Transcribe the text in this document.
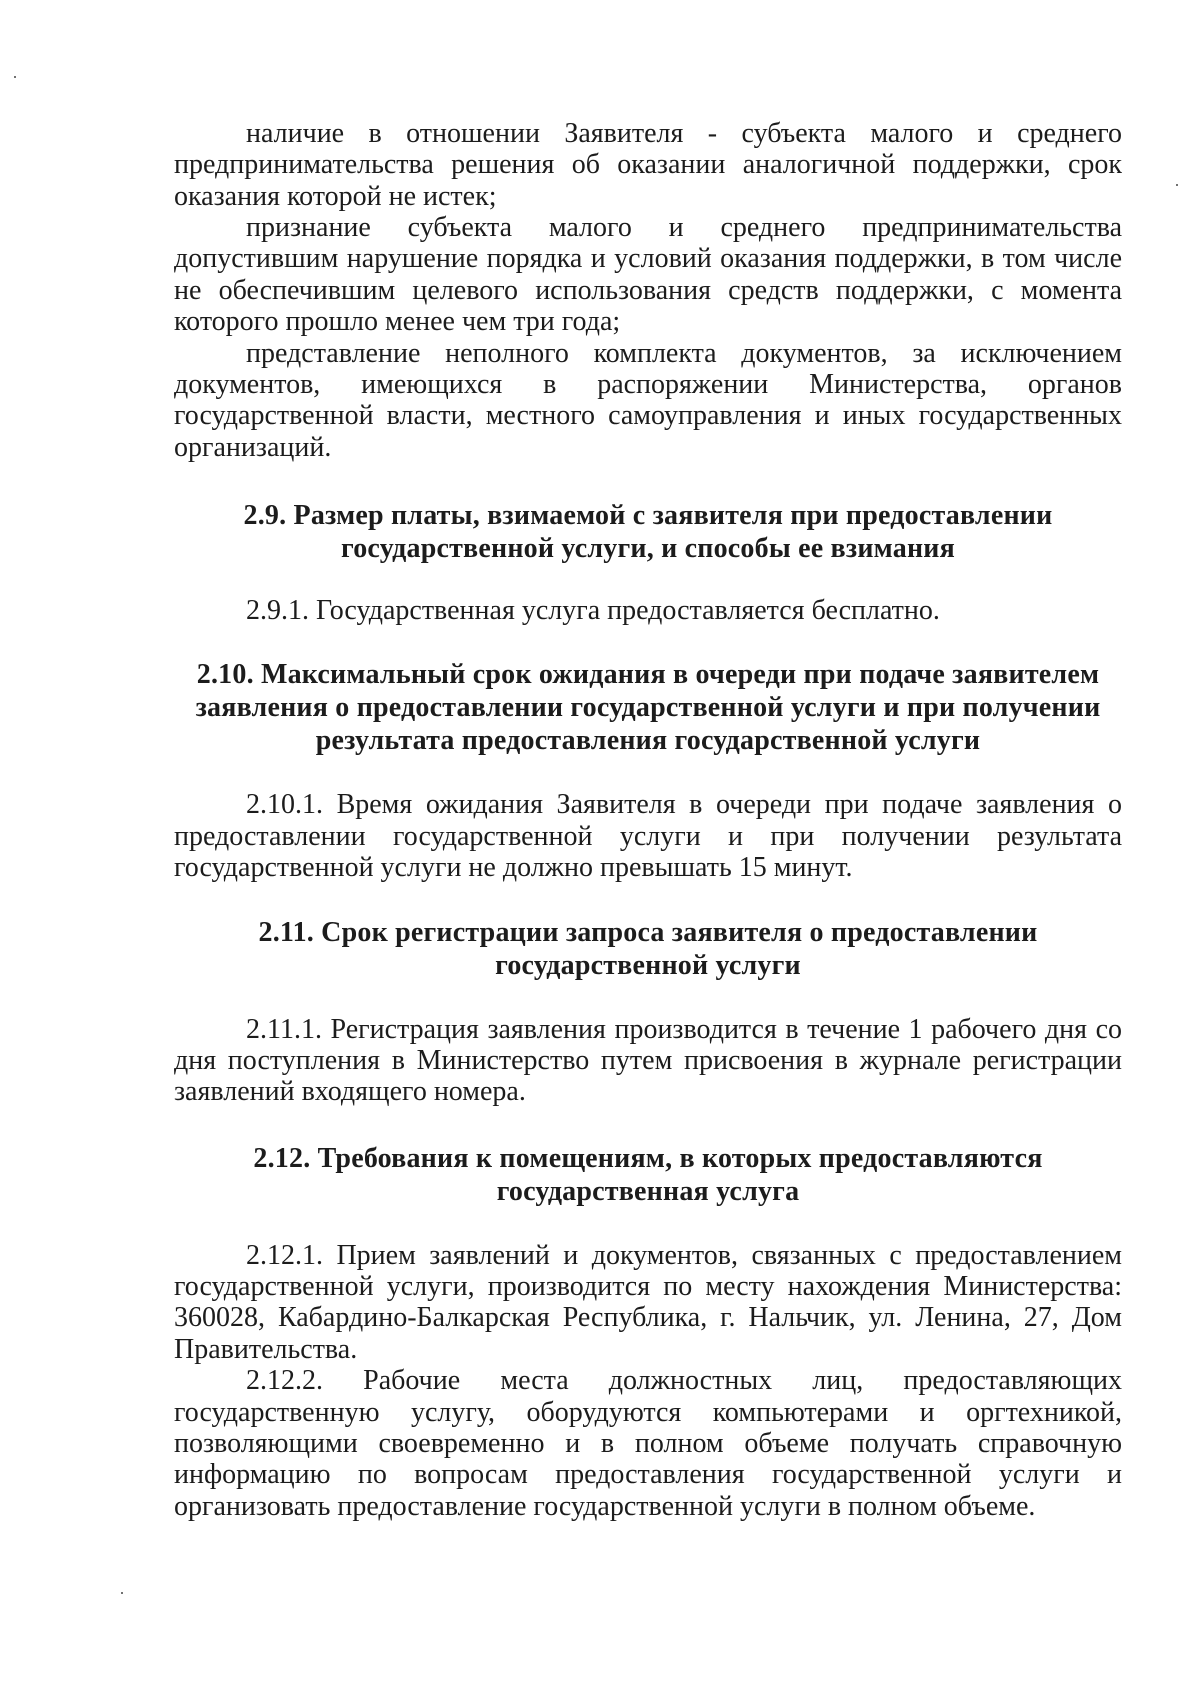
наличие в отношении Заявителя - субъекта малого и среднего предпринимательства решения об оказании аналогичной поддержки, срок оказания которой не истек;

признание субъекта малого и среднего предпринимательства допустившим нарушение порядка и условий оказания поддержки, в том числе не обеспечившим целевого использования средств поддержки, с момента которого прошло менее чем три года;

представление неполного комплекта документов, за исключением документов, имеющихся в распоряжении Министерства, органов государственной власти, местного самоуправления и иных государственных организаций.

2.9. Размер платы, взимаемой с заявителя при предоставлении государственной услуги, и способы ее взимания

2.9.1. Государственная услуга предоставляется бесплатно.

2.10. Максимальный срок ожидания в очереди при подаче заявителем заявления о предоставлении государственной услуги и при получении результата предоставления государственной услуги

2.10.1. Время ожидания Заявителя в очереди при подаче заявления о предоставлении государственной услуги и при получении результата государственной услуги не должно превышать 15 минут.

2.11. Срок регистрации запроса заявителя о предоставлении государственной услуги

2.11.1. Регистрация заявления производится в течение 1 рабочего дня со дня поступления в Министерство путем присвоения в журнале регистрации заявлений входящего номера.

2.12. Требования к помещениям, в которых предоставляются государственная услуга

2.12.1. Прием заявлений и документов, связанных с предоставлением государственной услуги, производится по месту нахождения Министерства: 360028, Кабардино-Балкарская Республика, г. Нальчик, ул. Ленина, 27, Дом Правительства.

2.12.2. Рабочие места должностных лиц, предоставляющих государственную услугу, оборудуются компьютерами и оргтехникой, позволяющими своевременно и в полном объеме получать справочную информацию по вопросам предоставления государственной услуги и организовать предоставление государственной услуги в полном объеме.
